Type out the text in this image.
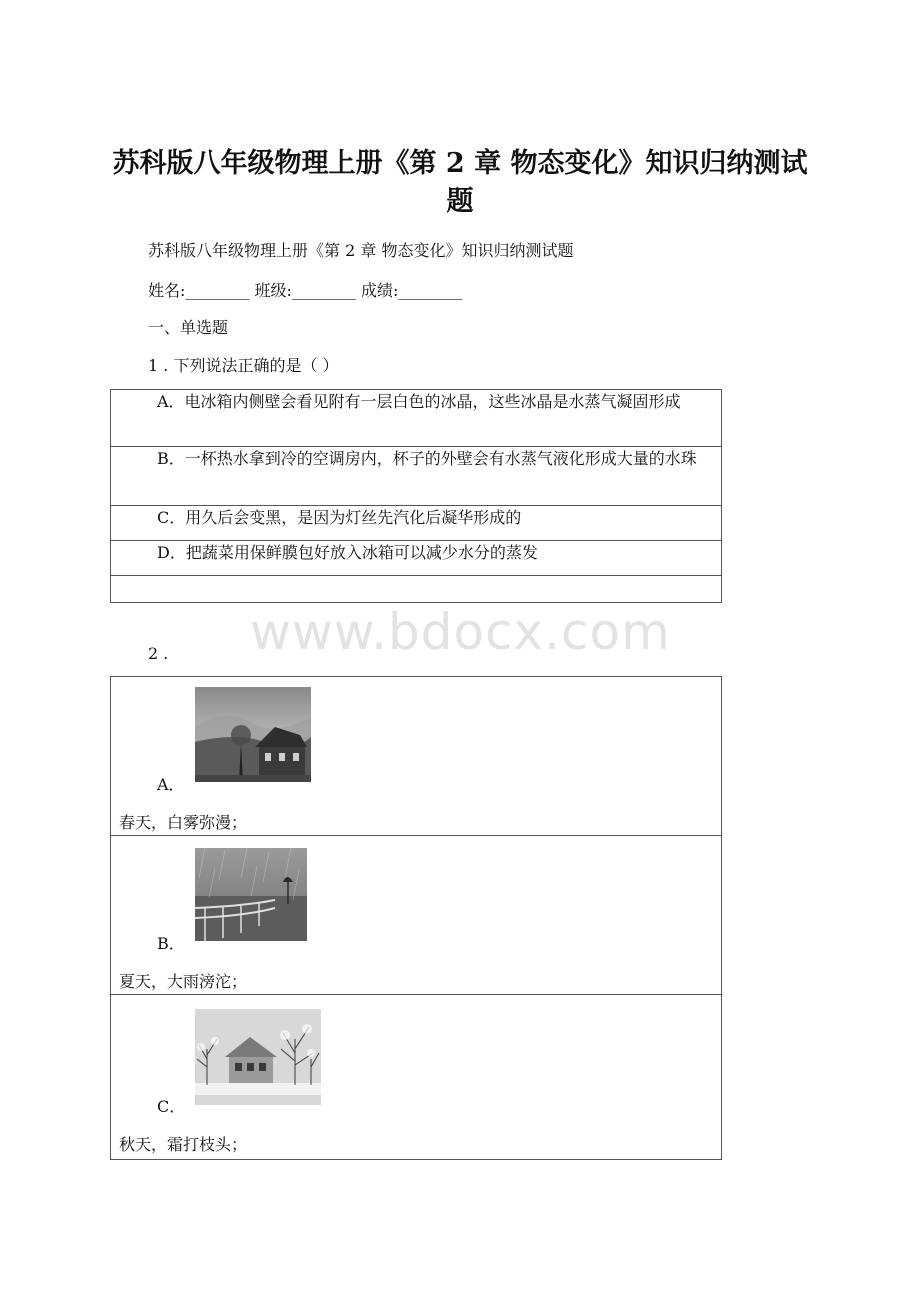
苏科版八年级物理上册《第 2 章 物态变化》知识归纳测试题
苏科版八年级物理上册《第 2 章 物态变化》知识归纳测试题
姓名:________ 班级:________ 成绩:________
一、单选题
1 . 下列说法正确的是（ ）
A．电冰箱内侧壁会看见附有一层白色的冰晶，这些冰晶是水蒸气凝固形成
B．一杯热水拿到冷的空调房内，杯子的外壁会有水蒸气液化形成大量的水珠
C．用久后会变黑，是因为灯丝先汽化后凝华形成的
D．把蔬菜用保鲜膜包好放入冰箱可以减少水分的蒸发

www.bdocx.com
2 .
A．
春天，白雾弥漫；

B．
夏天，大雨滂沱；

C．
秋天，霜打枝头；
